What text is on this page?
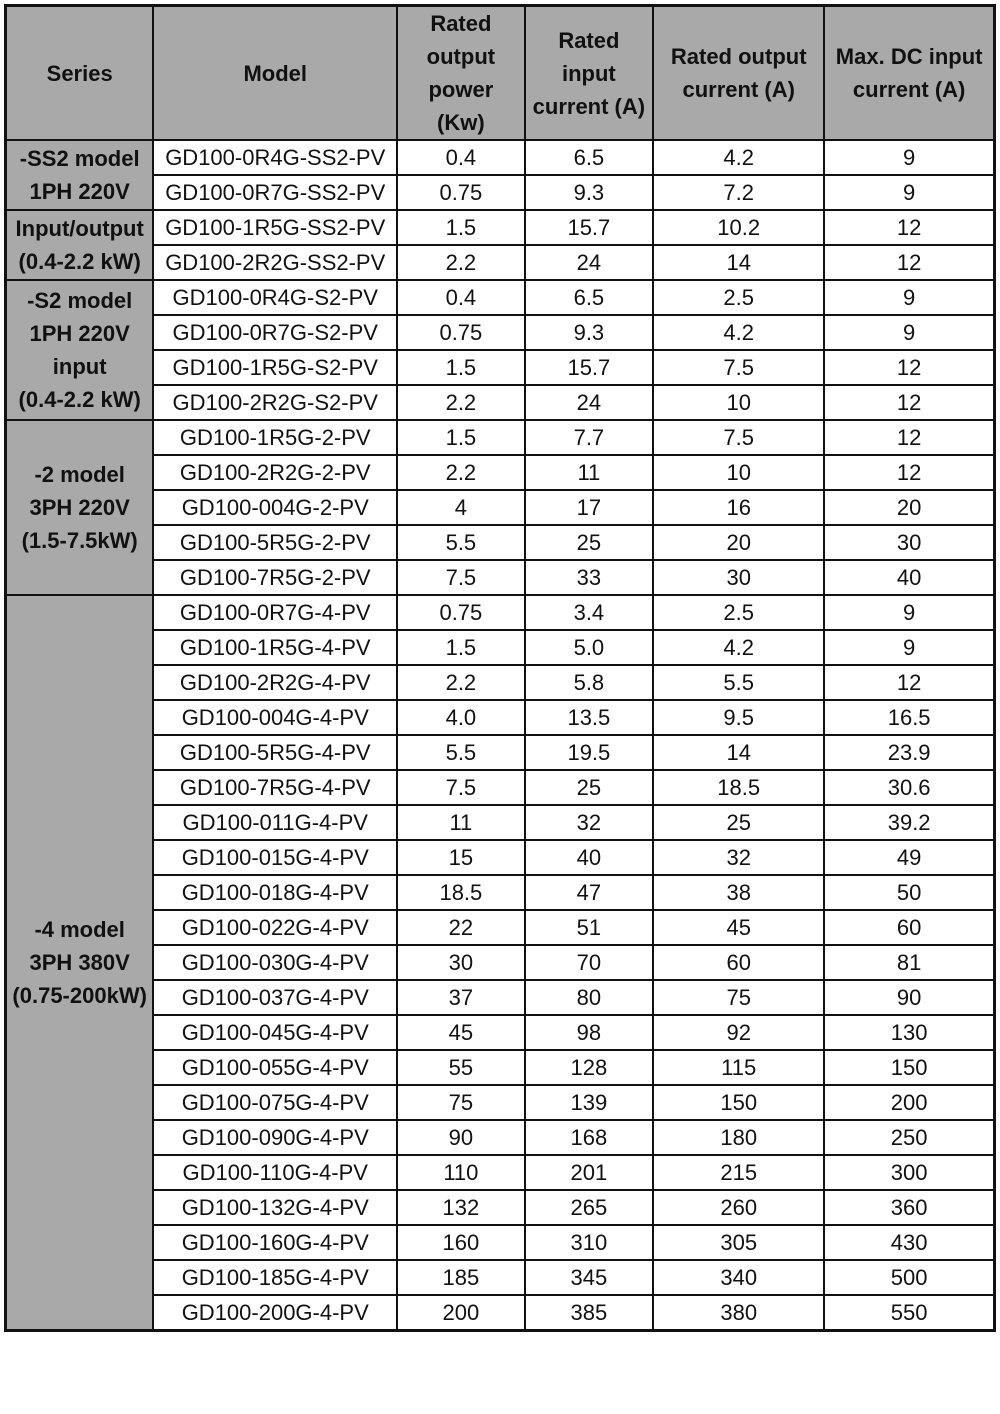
Series	Model	Rated
output
power
(Kw)	Rated
input
current (A)	Rated output
current (A)	Max. DC input
current (A)

-SS2 model
1PH 220V	GD100-0R4G-SS2-PV	0.4	6.5	4.2	9
	GD100-0R7G-SS2-PV	0.75	9.3	7.2	9

Input/output
(0.4-2.2 kW)	GD100-1R5G-SS2-PV	1.5	15.7	10.2	12
	GD100-2R2G-SS2-PV	2.2	24	14	12

-S2 model
1PH 220V
input
(0.4-2.2 kW)	GD100-0R4G-S2-PV	0.4	6.5	2.5	9
	GD100-0R7G-S2-PV	0.75	9.3	4.2	9
	GD100-1R5G-S2-PV	1.5	15.7	7.5	12
	GD100-2R2G-S2-PV	2.2	24	10	12

-2 model
3PH 220V
(1.5-7.5kW)	GD100-1R5G-2-PV	1.5	7.7	7.5	12
	GD100-2R2G-2-PV	2.2	11	10	12
	GD100-004G-2-PV	4	17	16	20
	GD100-5R5G-2-PV	5.5	25	20	30
	GD100-7R5G-2-PV	7.5	33	30	40

-4 model
3PH 380V
(0.75-200kW)	GD100-0R7G-4-PV	0.75	3.4	2.5	9
	GD100-1R5G-4-PV	1.5	5.0	4.2	9
	GD100-2R2G-4-PV	2.2	5.8	5.5	12
	GD100-004G-4-PV	4.0	13.5	9.5	16.5
	GD100-5R5G-4-PV	5.5	19.5	14	23.9
	GD100-7R5G-4-PV	7.5	25	18.5	30.6
	GD100-011G-4-PV	11	32	25	39.2
	GD100-015G-4-PV	15	40	32	49
	GD100-018G-4-PV	18.5	47	38	50
	GD100-022G-4-PV	22	51	45	60
	GD100-030G-4-PV	30	70	60	81
	GD100-037G-4-PV	37	80	75	90
	GD100-045G-4-PV	45	98	92	130
	GD100-055G-4-PV	55	128	115	150
	GD100-075G-4-PV	75	139	150	200
	GD100-090G-4-PV	90	168	180	250
	GD100-110G-4-PV	110	201	215	300
	GD100-132G-4-PV	132	265	260	360
	GD100-160G-4-PV	160	310	305	430
	GD100-185G-4-PV	185	345	340	500
	GD100-200G-4-PV	200	385	380	550
